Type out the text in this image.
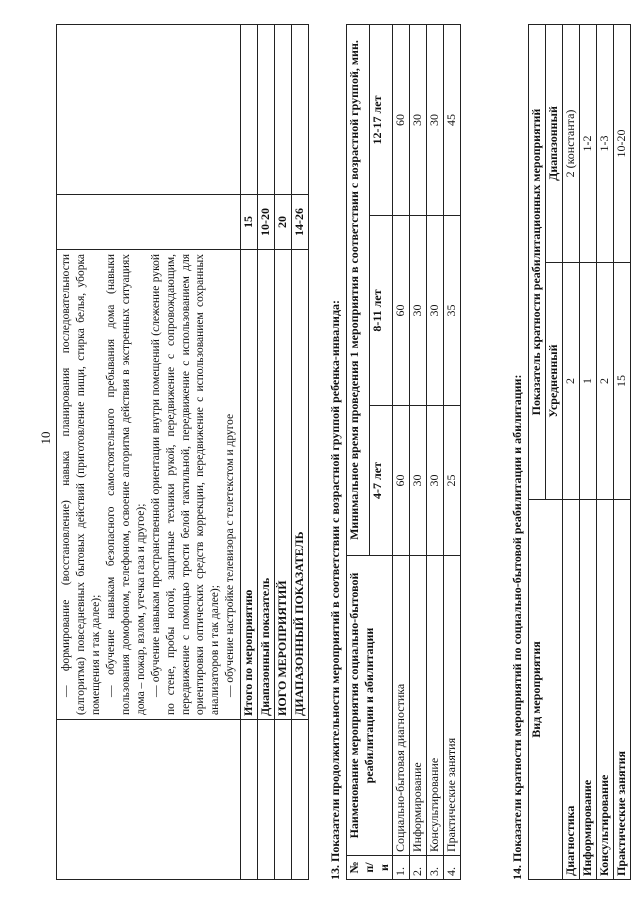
10

	— формирование (восстановление) навыка планирования последовательности (алгоритма) повседневных бытовых действий (приготовление пищи, стирка белья, уборка помещения и так далее); — обучение навыкам безопасного самостоятельного пребывания дома (навыки пользования домофоном, телефоном, освоение алгоритма действия в экстренных ситуациях дома – пожар, взлом, утечка газа и другое); — обучение навыкам пространственной ориентации внутри помещений (слежение рукой по стене, пробы ногой, защитные техники рукой, передвижение с сопровождающим, передвижение с помощью трости белой тактильной, передвижение с использованием для ориентировки оптических средств коррекции, передвижение с использованием сохранных анализаторов и так далее); — обучение настройке телевизора с телетекстом и другое		

	Итого по мероприятию	15	
	Диапазонный показатель	10-20	
	ИОГО МЕРОПРИЯТИЙ	20	
	ДИАПАЗОННЫЙ ПОКАЗАТЕЛЬ	14-26	
13. Показатели продолжительности мероприятий в соответствии с возрастной группой ребенка-инвалида: № п/и	Наименование мероприятия социально-бытовой реабилитации и абилитации	Минимальное время проведения 1 мероприятия в соответствии с возрастной группой, мин.		
		4-7 лет	8-11 лет	12-17 лет
1.	Социально-бытовая диагностика	60	60	60
2.	Информирование	30	30	30
3.	Консультирование	30	30	30
4.	Практические занятия	25	35	45
14. Показатели кратности мероприятий по социально-бытовой реабилитации и абилитации: Вид мероприятия	Показатель кратности реабилитационных мероприятий	
	Усредненный	Диапазонный
Диагностика	2	2 (константа)
Информирование	1	1-2
Консультирование	2	1-3
Практические занятия	15	10-20
